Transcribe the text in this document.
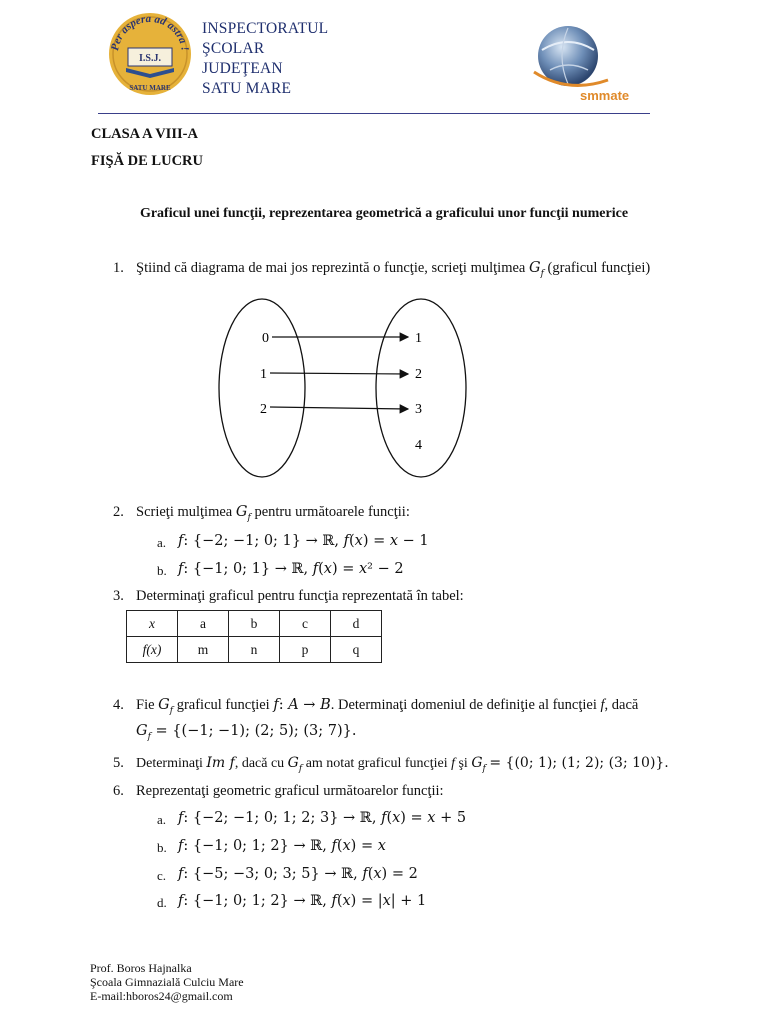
Per aspera ad astra !
I.S.J.
SATU MARE
INSPECTORATUL
ŞCOLAR
JUDEŢEAN
SATU MARE	smmate
CLASA A VIII-A
FIŞĂ DE LUCRU
Graficul unei funcţii, reprezentarea geometrică a graficului unor funcţii numerice
1. Ştiind că diagrama de mai jos reprezintă o funcţie, scrieţi mulţimea $G_f$ (graficul funcţiei)
0
1
2
1
2
3
4
2. Scrieţi mulţimea $G_f$ pentru următoarele funcţii:
a. 𝑓: {−2; −1; 0; 1} → ℝ, 𝑓(𝑥) = 𝑥 − 1
b. 𝑓: {−1; 0; 1} → ℝ, 𝑓(𝑥) = 𝑥² − 2
3. Determinaţi graficul pentru funcţia reprezentată în tabel:
x	a	b	c	d
f(x)	m	n	p	q
4. Fie $G_f$ graficul funcţiei f: A → B. Determinaţi domeniul de definiţie al funcţiei f, dacă
$G_f = \{(-1$; −1); (2; 5); (3; 7)}.
5. Determinaţi Im f, dacă cu $G_f$ am notat graficul funcţiei f şi $G_f = \{(0$; 1); (1; 2); (3; 10)}.
6. Reprezentaţi geometric graficul următoarelor funcţii:
a. 𝑓: {−2; −1; 0; 1; 2; 3} → ℝ, 𝑓(𝑥) = 𝑥 + 5
b. 𝑓: {−1; 0; 1; 2} → ℝ, 𝑓(𝑥) = 𝑥
c. 𝑓: {−5; −3; 0; 3; 5} → ℝ, 𝑓(𝑥) = 2
d. 𝑓: {−1; 0; 1; 2} → ℝ, 𝑓(𝑥) = |𝑥| + 1
Prof. Boros Hajnalka
Şcoala Gimnazială Culciu Mare
E-mail:hboros24@gmail.com
